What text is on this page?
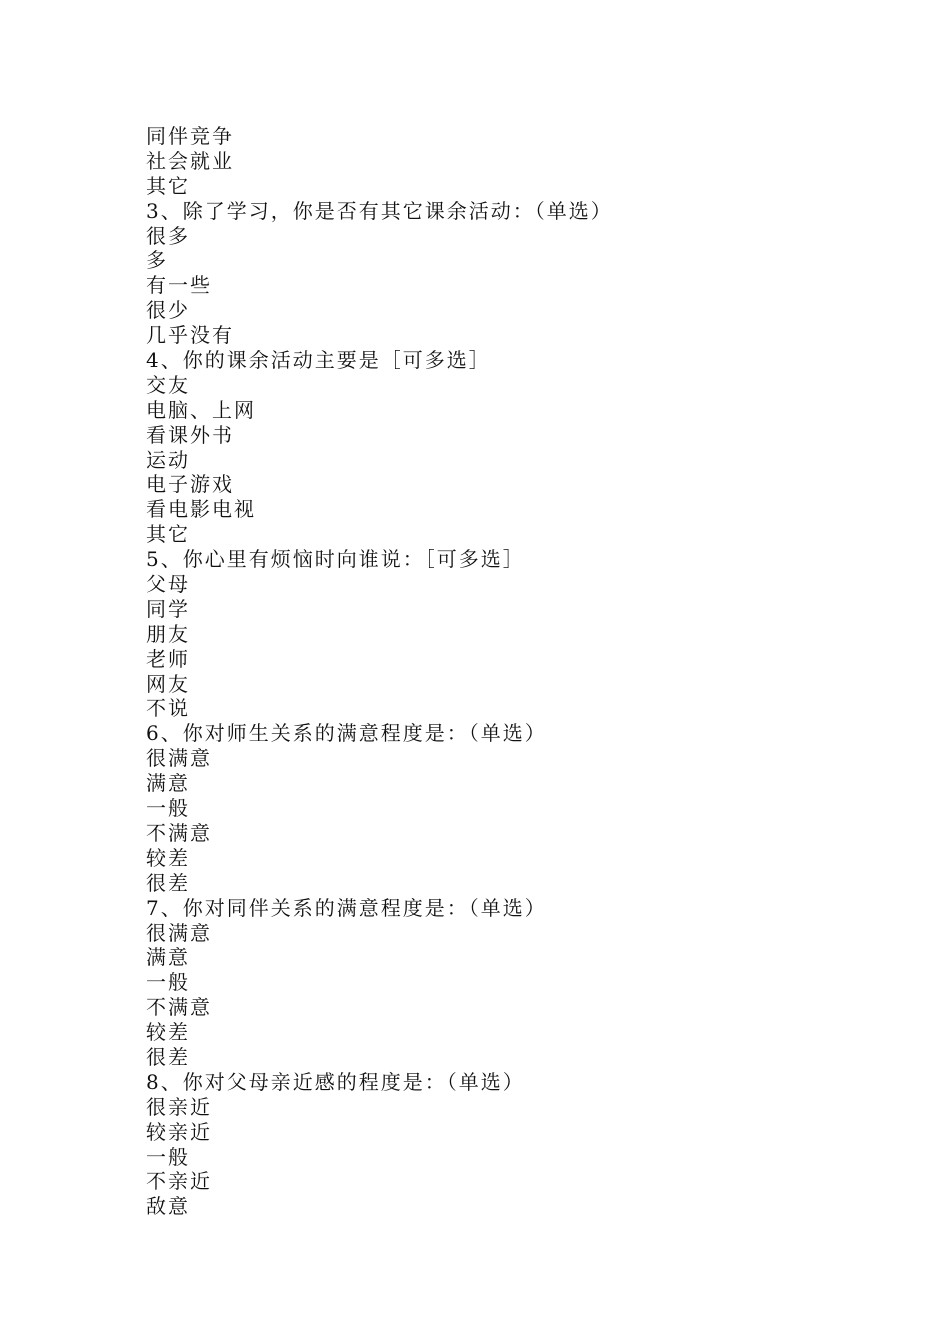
同伴竞争
社会就业
其它
3、除了学习，你是否有其它课余活动：（单选）
很多
多
有一些
很少
几乎没有
4、你的课余活动主要是［可多选］
交友
电脑、上网
看课外书
运动
电子游戏
看电影电视
其它
5、你心里有烦恼时向谁说：［可多选］
父母
同学
朋友
老师
网友
不说
6、你对师生关系的满意程度是：（单选）
很满意
满意
一般
不满意
较差
很差
7、你对同伴关系的满意程度是：（单选）
很满意
满意
一般
不满意
较差
很差
8、你对父母亲近感的程度是：（单选）
很亲近
较亲近
一般
不亲近
敌意
